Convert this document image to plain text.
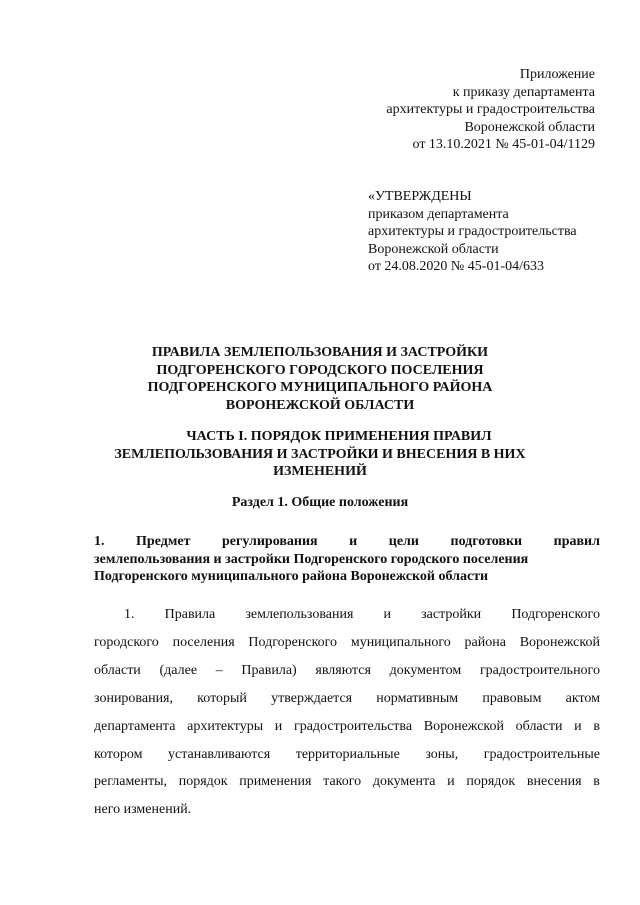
Приложение
к приказу департамента
архитектуры и градостроительства
Воронежской области
от 13.10.2021 № 45-01-04/1129
«УТВЕРЖДЕНЫ
приказом департамента
архитектуры и градостроительства
Воронежской области
от 24.08.2020 № 45-01-04/633
ПРАВИЛА ЗЕМЛЕПОЛЬЗОВАНИЯ И ЗАСТРОЙКИ
ПОДГОРЕНСКОГО ГОРОДСКОГО ПОСЕЛЕНИЯ
ПОДГОРЕНСКОГО МУНИЦИПАЛЬНОГО РАЙОНА
ВОРОНЕЖСКОЙ ОБЛАСТИ
ЧАСТЬ I. ПОРЯДОК ПРИМЕНЕНИЯ ПРАВИЛ
ЗЕМЛЕПОЛЬЗОВАНИЯ И ЗАСТРОЙКИ И ВНЕСЕНИЯ В НИХ
ИЗМЕНЕНИЙ
Раздел 1. Общие положения
1. Предмет регулирования и цели подготовки правил
землепользования и застройки Подгоренского городского поселения
Подгоренского муниципального района Воронежской области
1. Правила землепользования и застройки Подгоренского
городского поселения Подгоренского муниципального района Воронежской
области (далее – Правила) являются документом градостроительного
зонирования, который утверждается нормативным правовым актом
департамента архитектуры и градостроительства Воронежской области и в
котором устанавливаются территориальные зоны, градостроительные
регламенты, порядок применения такого документа и порядок внесения в
него изменений.
